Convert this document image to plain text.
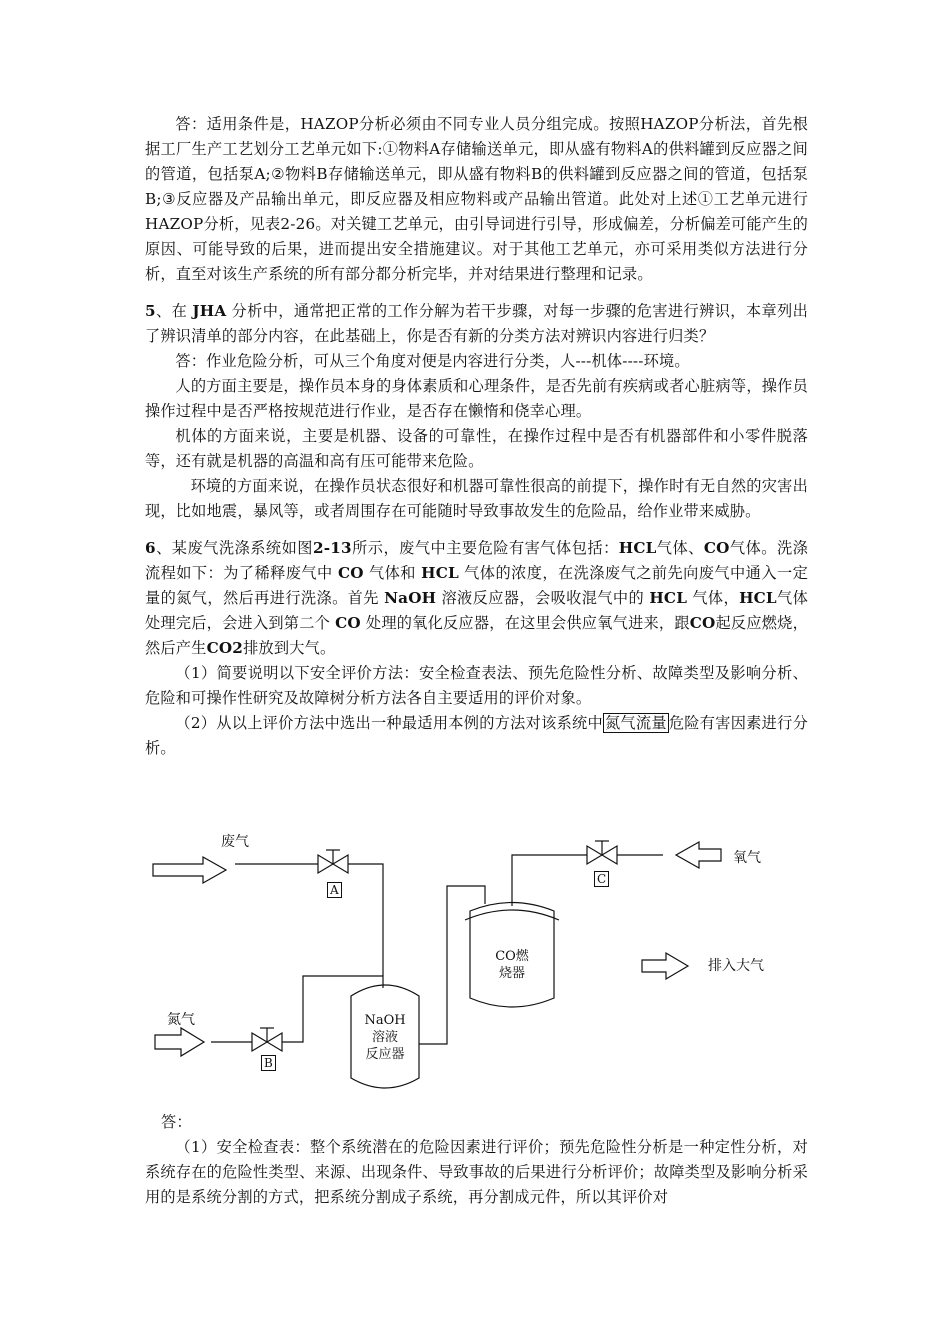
答：适用条件是，HAZOP分析必须由不同专业人员分组完成。按照HAZOP分析法，首先根据工厂生产工艺划分工艺单元如下:①物料A存储输送单元，即从盛有物料A的供料罐到反应器之间的管道，包括泵A;②物料B存储输送单元，即从盛有物料B的供料罐到反应器之间的管道，包括泵 B;③反应器及产品输出单元，即反应器及相应物料或产品输出管道。此处对上述①工艺单元进行HAZOP分析，见表2-26。对关键工艺单元，由引导词进行引导，形成偏差，分析偏差可能产生的原因、可能导致的后果，进而提出安全措施建议。对于其他工艺单元，亦可采用类似方法进行分析，直至对该生产系统的所有部分都分析完毕，并对结果进行整理和记录。

5、在 JHA 分析中，通常把正常的工作分解为若干步骤，对每一步骤的危害进行辨识，本章列出了辨识清单的部分内容，在此基础上，你是否有新的分类方法对辨识内容进行归类？

答：作业危险分析，可从三个角度对便是内容进行分类，人---机体----环境。

人的方面主要是，操作员本身的身体素质和心理条件，是否先前有疾病或者心脏病等，操作员操作过程中是否严格按规范进行作业，是否存在懒惰和侥幸心理。

机体的方面来说，主要是机器、设备的可靠性，在操作过程中是否有机器部件和小零件脱落等，还有就是机器的高温和高有压可能带来危险。

环境的方面来说，在操作员状态很好和机器可靠性很高的前提下，操作时有无自然的灾害出现，比如地震，暴风等，或者周围存在可能随时导致事故发生的危险品，给作业带来威胁。

6、某废气洗涤系统如图2-13所示，废气中主要危险有害气体包括：HCL气体、CO气体。洗涤流程如下：为了稀释废气中 CO 气体和 HCL 气体的浓度，在洗涤废气之前先向废气中通入一定量的氮气，然后再进行洗涤。首先 NaOH 溶液反应器，会吸收混气中的 HCL 气体，HCL气体处理完后，会进入到第二个 CO 处理的氧化反应器，在这里会供应氧气进来，跟CO起反应燃烧，然后产生CO2排放到大气。

（1）简要说明以下安全评价方法：安全检查表法、预先危险性分析、故障类型及影响分析、危险和可操作性研究及故障树分析方法各自主要适用的评价对象。

（2）从以上评价方法中选出一种最适用本例的方法对该系统中 氮气流量 危险有害因素进行分析。

废气
氮气
氧气
排入大气
A
B
C
NaOH
溶液
反应器
CO燃
烧器

答：

（1）安全检查表：整个系统潜在的危险因素进行评价；预先危险性分析是一种定性分析，对系统存在的危险性类型、来源、出现条件、导致事故的后果进行分析评价；故障类型及影响分析采用的是系统分割的方式，把系统分割成子系统，再分割成元件，所以其评价对
